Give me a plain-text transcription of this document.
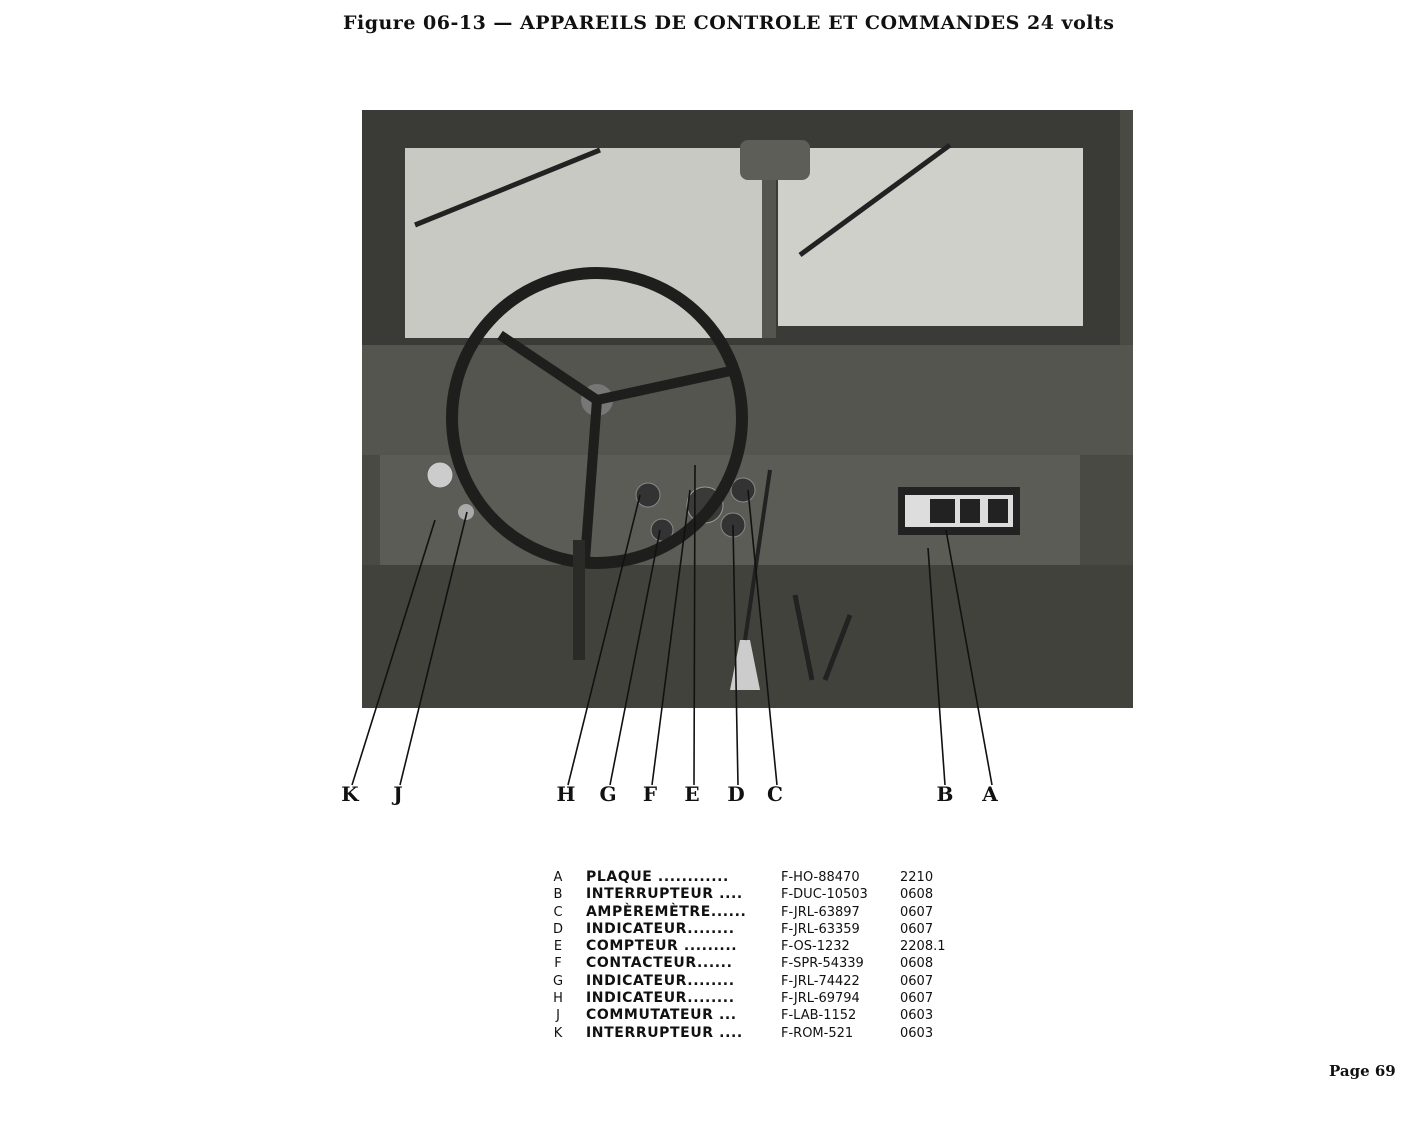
Figure 06-13 — APPAREILS DE CONTROLE ET COMMANDES 24 volts
K J	H G F E D C	B A
A PLAQUE ............	F-HO-88470	2210
B INTERRUPTEUR ....	F-DUC-10503 0608
C AMPÈREMÈTRE......	F-JRL-63897	0607
D INDICATEUR........	F-JRL-63359	0607
E COMPTEUR .........	F-OS-1232	2208.1
F CONTACTEUR......	F-SPR-54339	0608
G INDICATEUR........	F-JRL-74422	0607
H INDICATEUR........	F-JRL-69794	0607
J COMMUTATEUR ...	F-LAB-1152	0603
K INTERRUPTEUR ....	F-ROM-521	0603
Page 69
